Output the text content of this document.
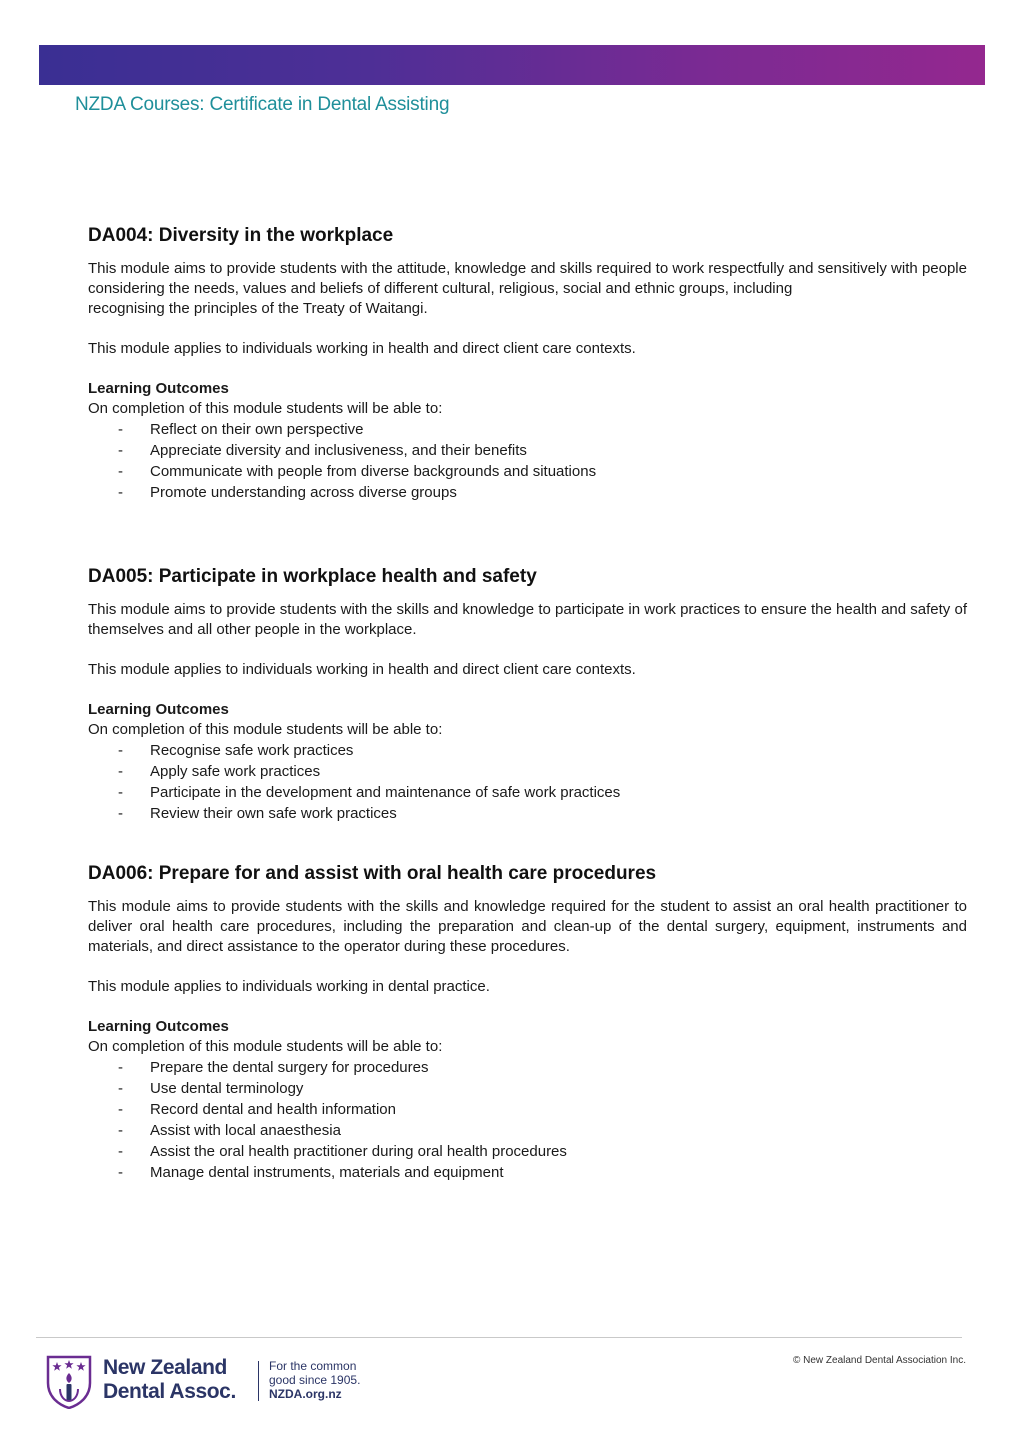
NZDA Courses: Certificate in Dental Assisting
DA004: Diversity in the workplace

This module aims to provide students with the attitude, knowledge and skills required to work respectfully and sensitively with people considering the needs, values and beliefs of different cultural, religious, social and ethnic groups, including
recognising the principles of the Treaty of Waitangi.

This module applies to individuals working in health and direct client care contexts.

Learning Outcomes
On completion of this module students will be able to:
- Reflect on their own perspective
- Appreciate diversity and inclusiveness, and their benefits
- Communicate with people from diverse backgrounds and situations
- Promote understanding across diverse groups
DA005: Participate in workplace health and safety

This module aims to provide students with the skills and knowledge to participate in work practices to ensure the health and safety of themselves and all other people in the workplace.

This module applies to individuals working in health and direct client care contexts.

Learning Outcomes
On completion of this module students will be able to:
- Recognise safe work practices
- Apply safe work practices
- Participate in the development and maintenance of safe work practices
- Review their own safe work practices
DA006: Prepare for and assist with oral health care procedures

This module aims to provide students with the skills and knowledge required for the student to assist an oral health practitioner to deliver oral health care procedures, including the preparation and clean-up of the dental surgery, equipment, instruments and materials, and direct assistance to the operator during these procedures.

This module applies to individuals working in dental practice.

Learning Outcomes
On completion of this module students will be able to:
- Prepare the dental surgery for procedures
- Use dental terminology
- Record dental and health information
- Assist with local anaesthesia
- Assist the oral health practitioner during oral health procedures
- Manage dental instruments, materials and equipment
New Zealand
Dental Assoc.
For the common
good since 1905.
NZDA.org.nz
© New Zealand Dental Association Inc.
